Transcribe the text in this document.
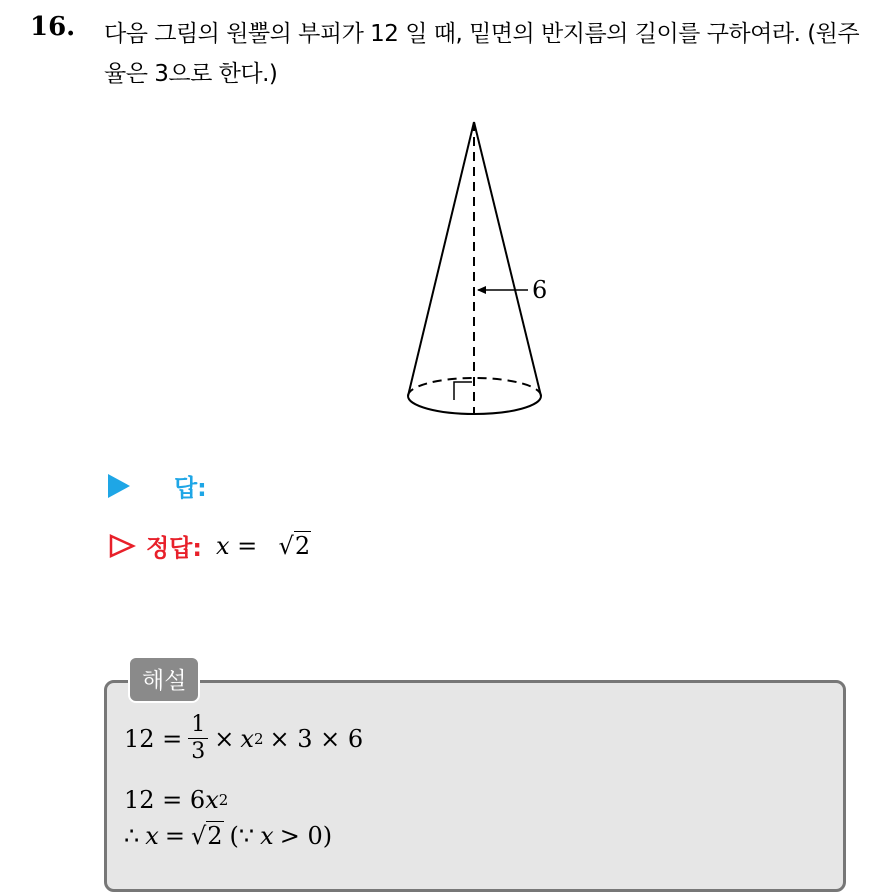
16. 다음 그림의 원뿔의 부피가 12 일 때, 밑면의 반지름의 길이를 구하여라. (원주율은 3으로 한다.)
6
답:
정답: x = √2
해설
$12 = \frac{1}{3} \times x$ 2 × 3 × 6
12 = 6 x 2
∴ x = √2 (∵ x > 0)
